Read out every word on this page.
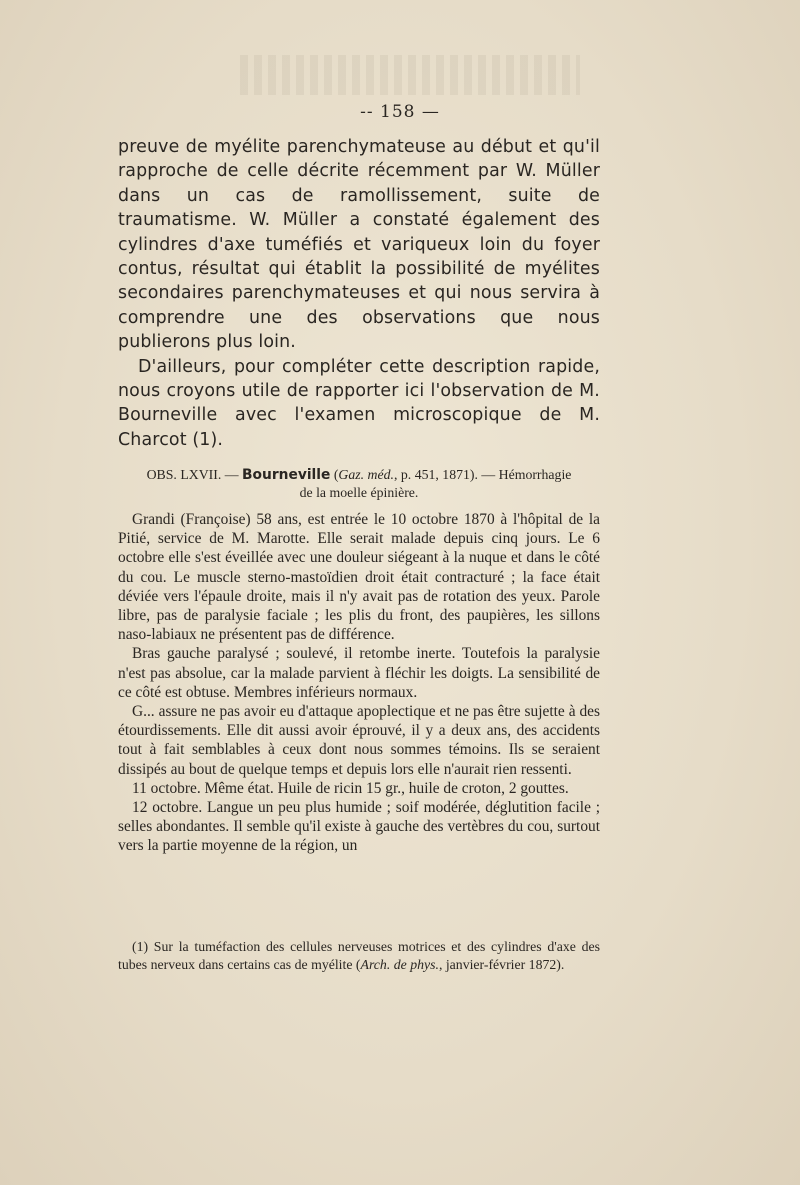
-- 158 —

preuve de myélite parenchymateuse au début et qu'il rapproche de celle décrite récemment par W. Müller dans un cas de ramollissement, suite de traumatisme. W. Müller a constaté également des cylindres d'axe tuméfiés et variqueux loin du foyer contus, résultat qui établit la possibilité de myélites secondaires parenchymateuses et qui nous servira à comprendre une des observations que nous publierons plus loin.

D'ailleurs, pour compléter cette description rapide, nous croyons utile de rapporter ici l'observation de M. Bourneville avec l'examen microscopique de M. Charcot (1).

OBS. LXVII. — Bourneville (Gaz. méd., p. 451, 1871). — Hémorrhagie
de la moelle épinière.

Grandi (Françoise) 58 ans, est entrée le 10 octobre 1870 à l'hôpital de la Pitié, service de M. Marotte. Elle serait malade depuis cinq jours. Le 6 octobre elle s'est éveillée avec une douleur siégeant à la nuque et dans le côté du cou. Le muscle sterno-mastoïdien droit était contracturé ; la face était déviée vers l'épaule droite, mais il n'y avait pas de rotation des yeux. Parole libre, pas de paralysie faciale ; les plis du front, des paupières, les sillons naso-labiaux ne présentent pas de différence.

Bras gauche paralysé ; soulevé, il retombe inerte. Toutefois la paralysie n'est pas absolue, car la malade parvient à fléchir les doigts. La sensibilité de ce côté est obtuse. Membres inférieurs normaux.

G... assure ne pas avoir eu d'attaque apoplectique et ne pas être sujette à des étourdissements. Elle dit aussi avoir éprouvé, il y a deux ans, des accidents tout à fait semblables à ceux dont nous sommes témoins. Ils se seraient dissipés au bout de quelque temps et depuis lors elle n'aurait rien ressenti.

11 octobre. Même état. Huile de ricin 15 gr., huile de croton, 2 gouttes.

12 octobre. Langue un peu plus humide ; soif modérée, déglutition facile ; selles abondantes. Il semble qu'il existe à gauche des vertèbres du cou, surtout vers la partie moyenne de la région, un

(1) Sur la tuméfaction des cellules nerveuses motrices et des cylindres d'axe des tubes nerveux dans certains cas de myélite (Arch. de phys., janvier-février 1872).
